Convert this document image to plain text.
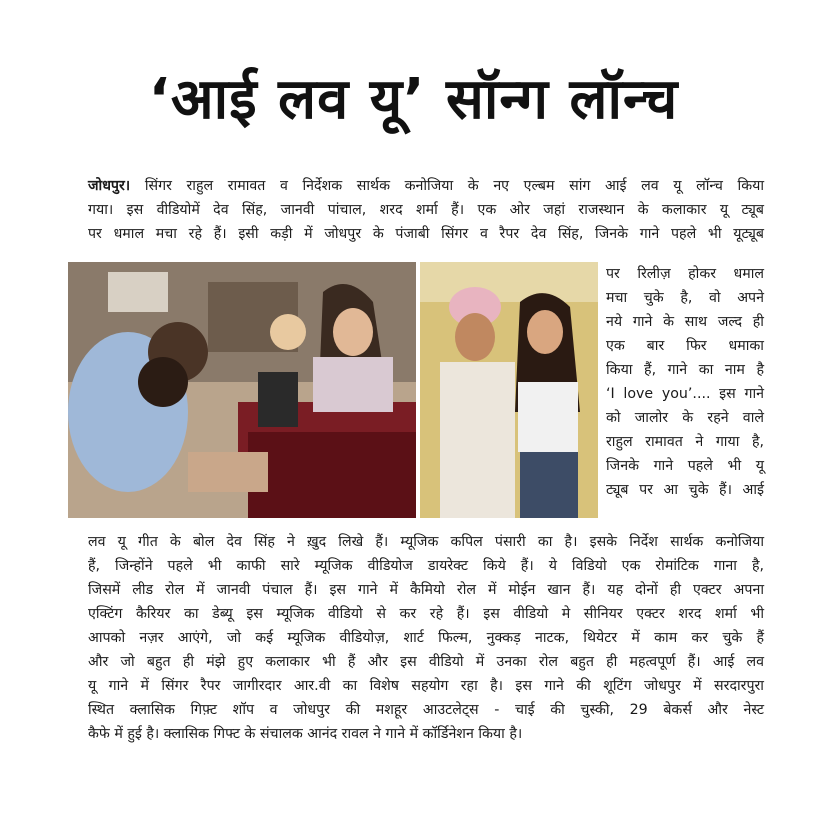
‘आई लव यू’ सॉन्ग लॉन्च
जोधपुर। सिंगर राहुल रामावत व निर्देशक सार्थक कनोजिया के नए एल्बम सांग आई लव यू लॉन्च किया
गया। इस वीडियोमें देव सिंह, जानवी पांचाल, शरद शर्मा हैं। एक ओर जहां राजस्थान के कलाकार यू ट्यूब
पर धमाल मचा रहे हैं। इसी कड़ी में जोधपुर के पंजाबी सिंगर व रैपर देव सिंह, जिनके गाने पहले भी यूट्यूब
पर रिलीज़ होकर धमाल
मचा चुके है, वो अपने
नये गाने के साथ जल्द ही
एक बार फिर धमाका
किया हैं, गाने का नाम है
‘I love you’.... इस गाने
को जालोर के रहने वाले
राहुल रामावत ने गाया है,
जिनके गाने पहले भी यू
ट्यूब पर आ चुके हैं। आई
लव यू गीत के बोल देव सिंह ने ख़ुद लिखे हैं। म्यूजिक कपिल पंसारी का है। इसके निर्देश सार्थक कनोजिया
हैं, जिन्होंने पहले भी काफी सारे म्यूजिक वीडियोज डायरेक्ट किये हैं। ये विडियो एक रोमांटिक गाना है,
जिसमें लीड रोल में जानवी पंचाल हैं। इस गाने में कैमियो रोल में मोईन खान हैं। यह दोनों ही एक्टर अपना
एक्टिंग कैरियर का डेब्यू इस म्यूजिक वीडियो से कर रहे हैं। इस वीडियो मे सीनियर एक्टर शरद शर्मा भी
आपको नज़र आएंगे, जो कई म्यूजिक वीडियोज़, शार्ट फिल्म, नुक्कड़ नाटक, थियेटर में काम कर चुके हैं
और जो बहुत ही मंझे हुए कलाकार भी हैं और इस वीडियो में उनका रोल बहुत ही महत्वपूर्ण हैं। आई लव
यू गाने में सिंगर रैपर जागीरदार आर.वी का विशेष सहयोग रहा है। इस गाने की शूटिंग जोधपुर में सरदारपुरा
स्थित क्लासिक गिफ़्ट शॉप व जोधपुर की मशहूर आउटलेट्स - चाई की चुस्की, 29 बेकर्स और नेस्ट
कैफे में हुई है। क्लासिक गिफ्ट के संचालक आनंद रावल ने गाने में कॉर्डिनेशन किया है।
